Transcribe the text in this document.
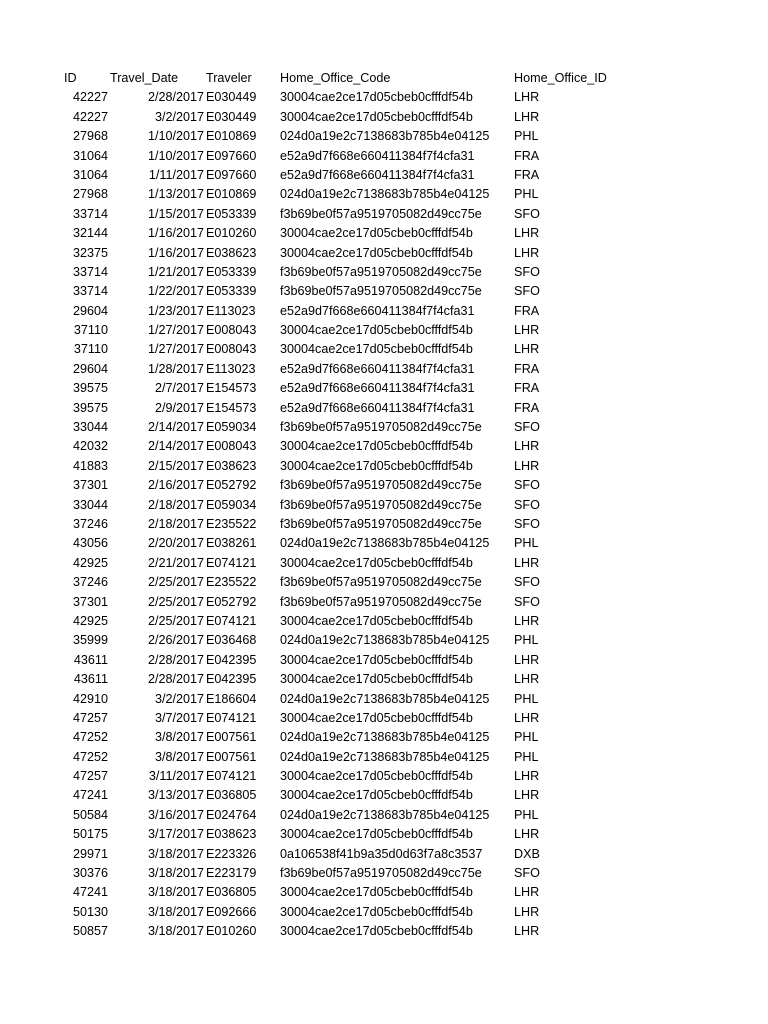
ID	Travel_Date Traveler Home_Office_Code	Home_Office_ID
42227	2/28/2017 E030449 30004cae2ce17d05cbeb0cfffdf54b	LHR
42227	3/2/2017 E030449 30004cae2ce17d05cbeb0cfffdf54b	LHR
27968	1/10/2017 E010869 024d0a19e2c7138683b785b4e04125 PHL
31064	1/10/2017 E097660 e52a9d7f668e660411384f7f4cfa31	FRA
31064	1/11/2017 E097660 e52a9d7f668e660411384f7f4cfa31	FRA
27968	1/13/2017 E010869 024d0a19e2c7138683b785b4e04125 PHL
33714	1/15/2017 E053339 f3b69be0f57a9519705082d49cc75e	SFO
32144	1/16/2017 E010260 30004cae2ce17d05cbeb0cfffdf54b	LHR
32375	1/16/2017 E038623 30004cae2ce17d05cbeb0cfffdf54b	LHR
33714	1/21/2017 E053339 f3b69be0f57a9519705082d49cc75e	SFO
33714	1/22/2017 E053339 f3b69be0f57a9519705082d49cc75e	SFO
29604	1/23/2017 E113023 e52a9d7f668e660411384f7f4cfa31	FRA
37110	1/27/2017 E008043 30004cae2ce17d05cbeb0cfffdf54b	LHR
37110	1/27/2017 E008043 30004cae2ce17d05cbeb0cfffdf54b	LHR
29604	1/28/2017 E113023 e52a9d7f668e660411384f7f4cfa31	FRA
39575	2/7/2017 E154573 e52a9d7f668e660411384f7f4cfa31	FRA
39575	2/9/2017 E154573 e52a9d7f668e660411384f7f4cfa31	FRA
33044	2/14/2017 E059034 f3b69be0f57a9519705082d49cc75e	SFO
42032	2/14/2017 E008043 30004cae2ce17d05cbeb0cfffdf54b	LHR
41883	2/15/2017 E038623 30004cae2ce17d05cbeb0cfffdf54b	LHR
37301	2/16/2017 E052792 f3b69be0f57a9519705082d49cc75e	SFO
33044	2/18/2017 E059034 f3b69be0f57a9519705082d49cc75e	SFO
37246	2/18/2017 E235522 f3b69be0f57a9519705082d49cc75e	SFO
43056	2/20/2017 E038261 024d0a19e2c7138683b785b4e04125 PHL
42925	2/21/2017 E074121 30004cae2ce17d05cbeb0cfffdf54b	LHR
37246	2/25/2017 E235522 f3b69be0f57a9519705082d49cc75e	SFO
37301	2/25/2017 E052792 f3b69be0f57a9519705082d49cc75e	SFO
42925	2/25/2017 E074121 30004cae2ce17d05cbeb0cfffdf54b	LHR
35999	2/26/2017 E036468 024d0a19e2c7138683b785b4e04125 PHL
43611	2/28/2017 E042395 30004cae2ce17d05cbeb0cfffdf54b	LHR
43611	2/28/2017 E042395 30004cae2ce17d05cbeb0cfffdf54b	LHR
42910	3/2/2017 E186604 024d0a19e2c7138683b785b4e04125 PHL
47257	3/7/2017 E074121 30004cae2ce17d05cbeb0cfffdf54b	LHR
47252	3/8/2017 E007561 024d0a19e2c7138683b785b4e04125 PHL
47252	3/8/2017 E007561 024d0a19e2c7138683b785b4e04125 PHL
47257	3/11/2017 E074121 30004cae2ce17d05cbeb0cfffdf54b	LHR
47241	3/13/2017 E036805 30004cae2ce17d05cbeb0cfffdf54b	LHR
50584	3/16/2017 E024764 024d0a19e2c7138683b785b4e04125 PHL
50175	3/17/2017 E038623 30004cae2ce17d05cbeb0cfffdf54b	LHR
29971	3/18/2017 E223326 0a106538f41b9a35d0d63f7a8c3537	DXB
30376	3/18/2017 E223179 f3b69be0f57a9519705082d49cc75e	SFO
47241	3/18/2017 E036805 30004cae2ce17d05cbeb0cfffdf54b	LHR
50130	3/18/2017 E092666 30004cae2ce17d05cbeb0cfffdf54b	LHR
50857	3/18/2017 E010260 30004cae2ce17d05cbeb0cfffdf54b	LHR
